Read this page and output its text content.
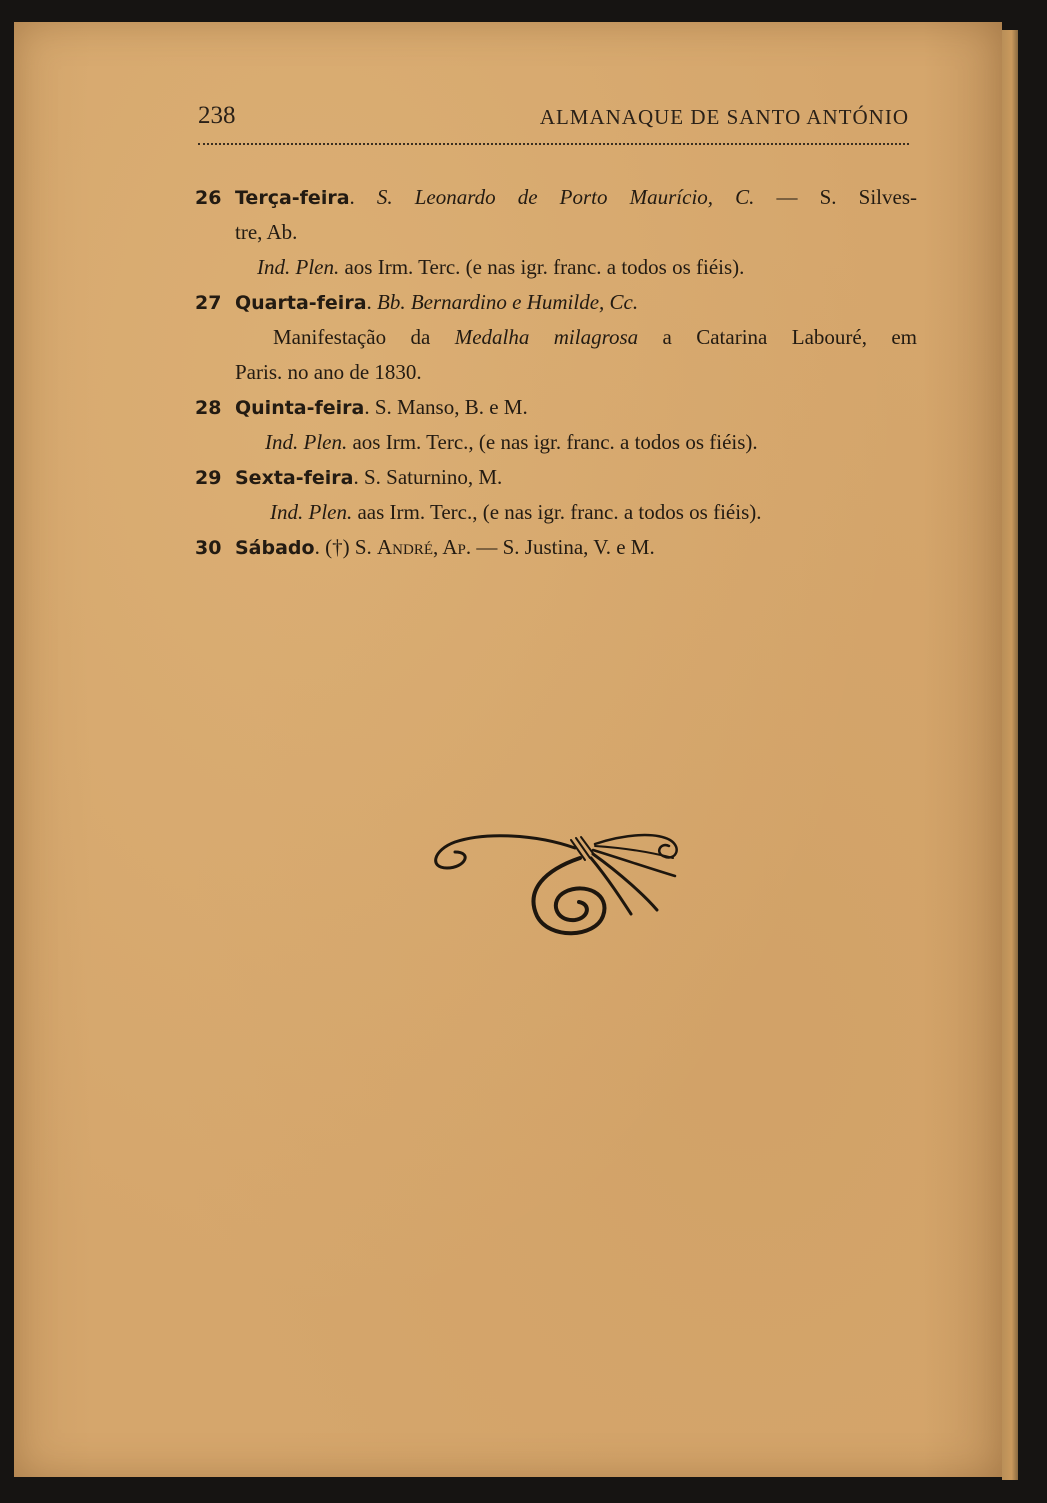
238	ALMANAQUE DE SANTO ANTÓNIO
26 Terça-feira. S. Leonardo de Porto Maurício, C. — S. Silves-
tre, Ab.
Ind. Plen. aos Irm. Terc. (e nas igr. franc. a todos os fiéis).
27 Quarta-feira. Bb. Bernardino e Humilde, Cc.
Manifestação da Medalha milagrosa a Catarina Labouré, em
Paris. no ano de 1830.
28 Quinta-feira. S. Manso, B. e M.
Ind. Plen. aos Irm. Terc., (e nas igr. franc. a todos os fiéis).
29 Sexta-feira. S. Saturnino, M.
Ind. Plen. aas Irm. Terc., (e nas igr. franc. a todos os fiéis).
30 Sábado. (†) S. André, Ap. — S. Justina, V. e M.
